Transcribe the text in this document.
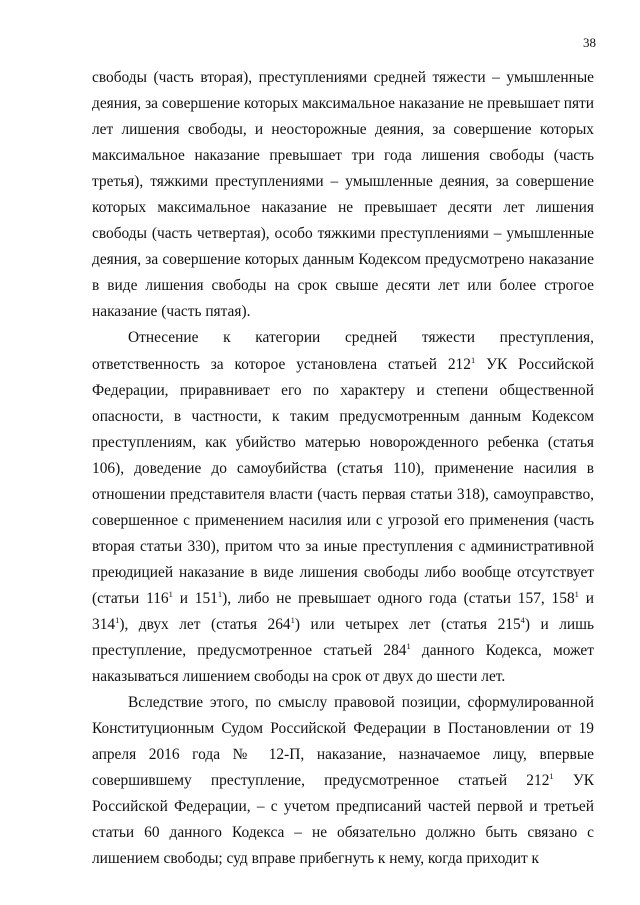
38

свободы (часть вторая), преступлениями средней тяжести – умышленные деяния, за совершение которых максимальное наказание не превышает пяти лет лишения свободы, и неосторожные деяния, за совершение которых максимальное наказание превышает три года лишения свободы (часть третья), тяжкими преступлениями – умышленные деяния, за совершение которых максимальное наказание не превышает десяти лет лишения свободы (часть четвертая), особо тяжкими преступлениями – умышленные деяния, за совершение которых данным Кодексом предусмотрено наказание в виде лишения свободы на срок свыше десяти лет или более строгое наказание (часть пятая).

Отнесение к категории средней тяжести преступления, ответственность за которое установлена статьей $212^1$ УК Российской Федерации, приравнивает его по характеру и степени общественной опасности, в частности, к таким предусмотренным данным Кодексом преступлениям, как убийство матерью новорожденного ребенка (статья 106), доведение до самоубийства (статья 110), применение насилия в отношении представителя власти (часть первая статьи 318), самоуправство, совершенное с применением насилия или с угрозой его применения (часть вторая статьи 330), притом что за иные преступления с административной преюдицией наказание в виде лишения свободы либо вообще отсутствует (статьи $116^1$ и $151^1$), либо не превышает одного года (статьи 157, $158^1$ и $314^1$), двух лет (статья $264^1$) или четырех лет (статья $215^4$) и лишь преступление, предусмотренное статьей $284^1$ данного Кодекса, может наказываться лишением свободы на срок от двух до шести лет.

Вследствие этого, по смыслу правовой позиции, сформулированной Конституционным Судом Российской Федерации в Постановлении от 19 апреля 2016 года № 12-П, наказание, назначаемое лицу, впервые совершившему преступление, предусмотренное статьей $212^1$ УК Российской Федерации, – с учетом предписаний частей первой и третьей статьи 60 данного Кодекса – не обязательно должно быть связано с лишением свободы; суд вправе прибегнуть к нему, когда приходит к
